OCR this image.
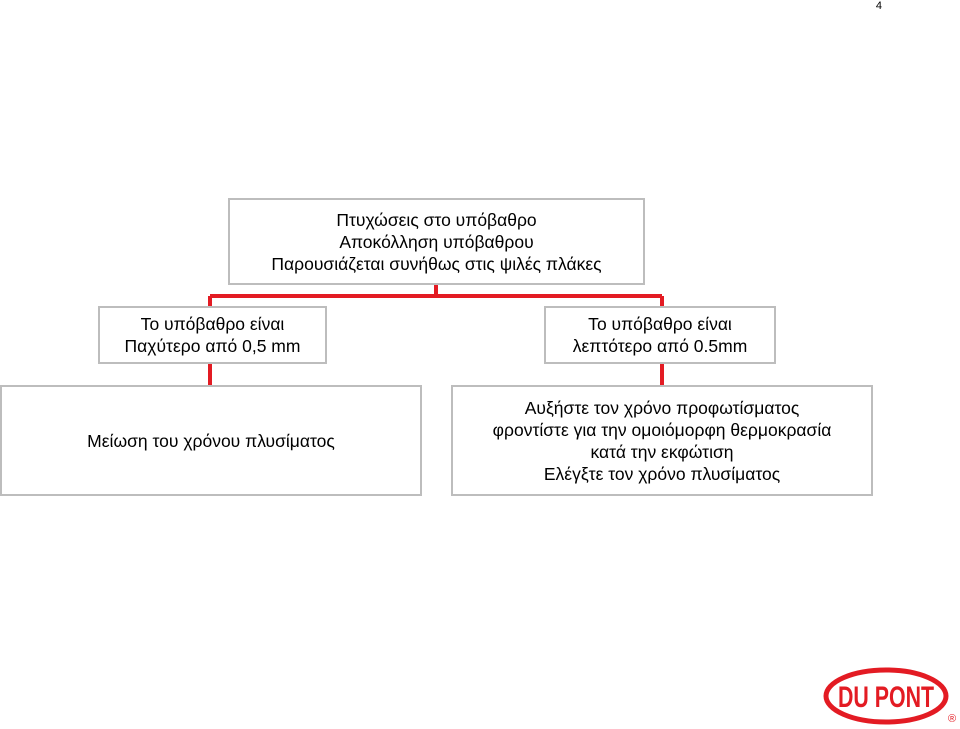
4
Πτυχώσεις στο υπόβαθρο
Αποκόλληση υπόβαθρου
Παρουσιάζεται συνήθως στις ψιλές πλάκες
Το υπόβαθρο είναι
Παχύτερο από 0,5 mm
Το υπόβαθρο είναι
λεπτότερο από 0.5mm
Μείωση του χρόνου πλυσίματος
Αυξήστε τον χρόνο προφωτίσματος
φροντίστε για την ομοιόμορφη θερμοκρασία
κατά την εκφώτιση
Ελέγξτε τον χρόνο πλυσίματος
DU PONT
®
